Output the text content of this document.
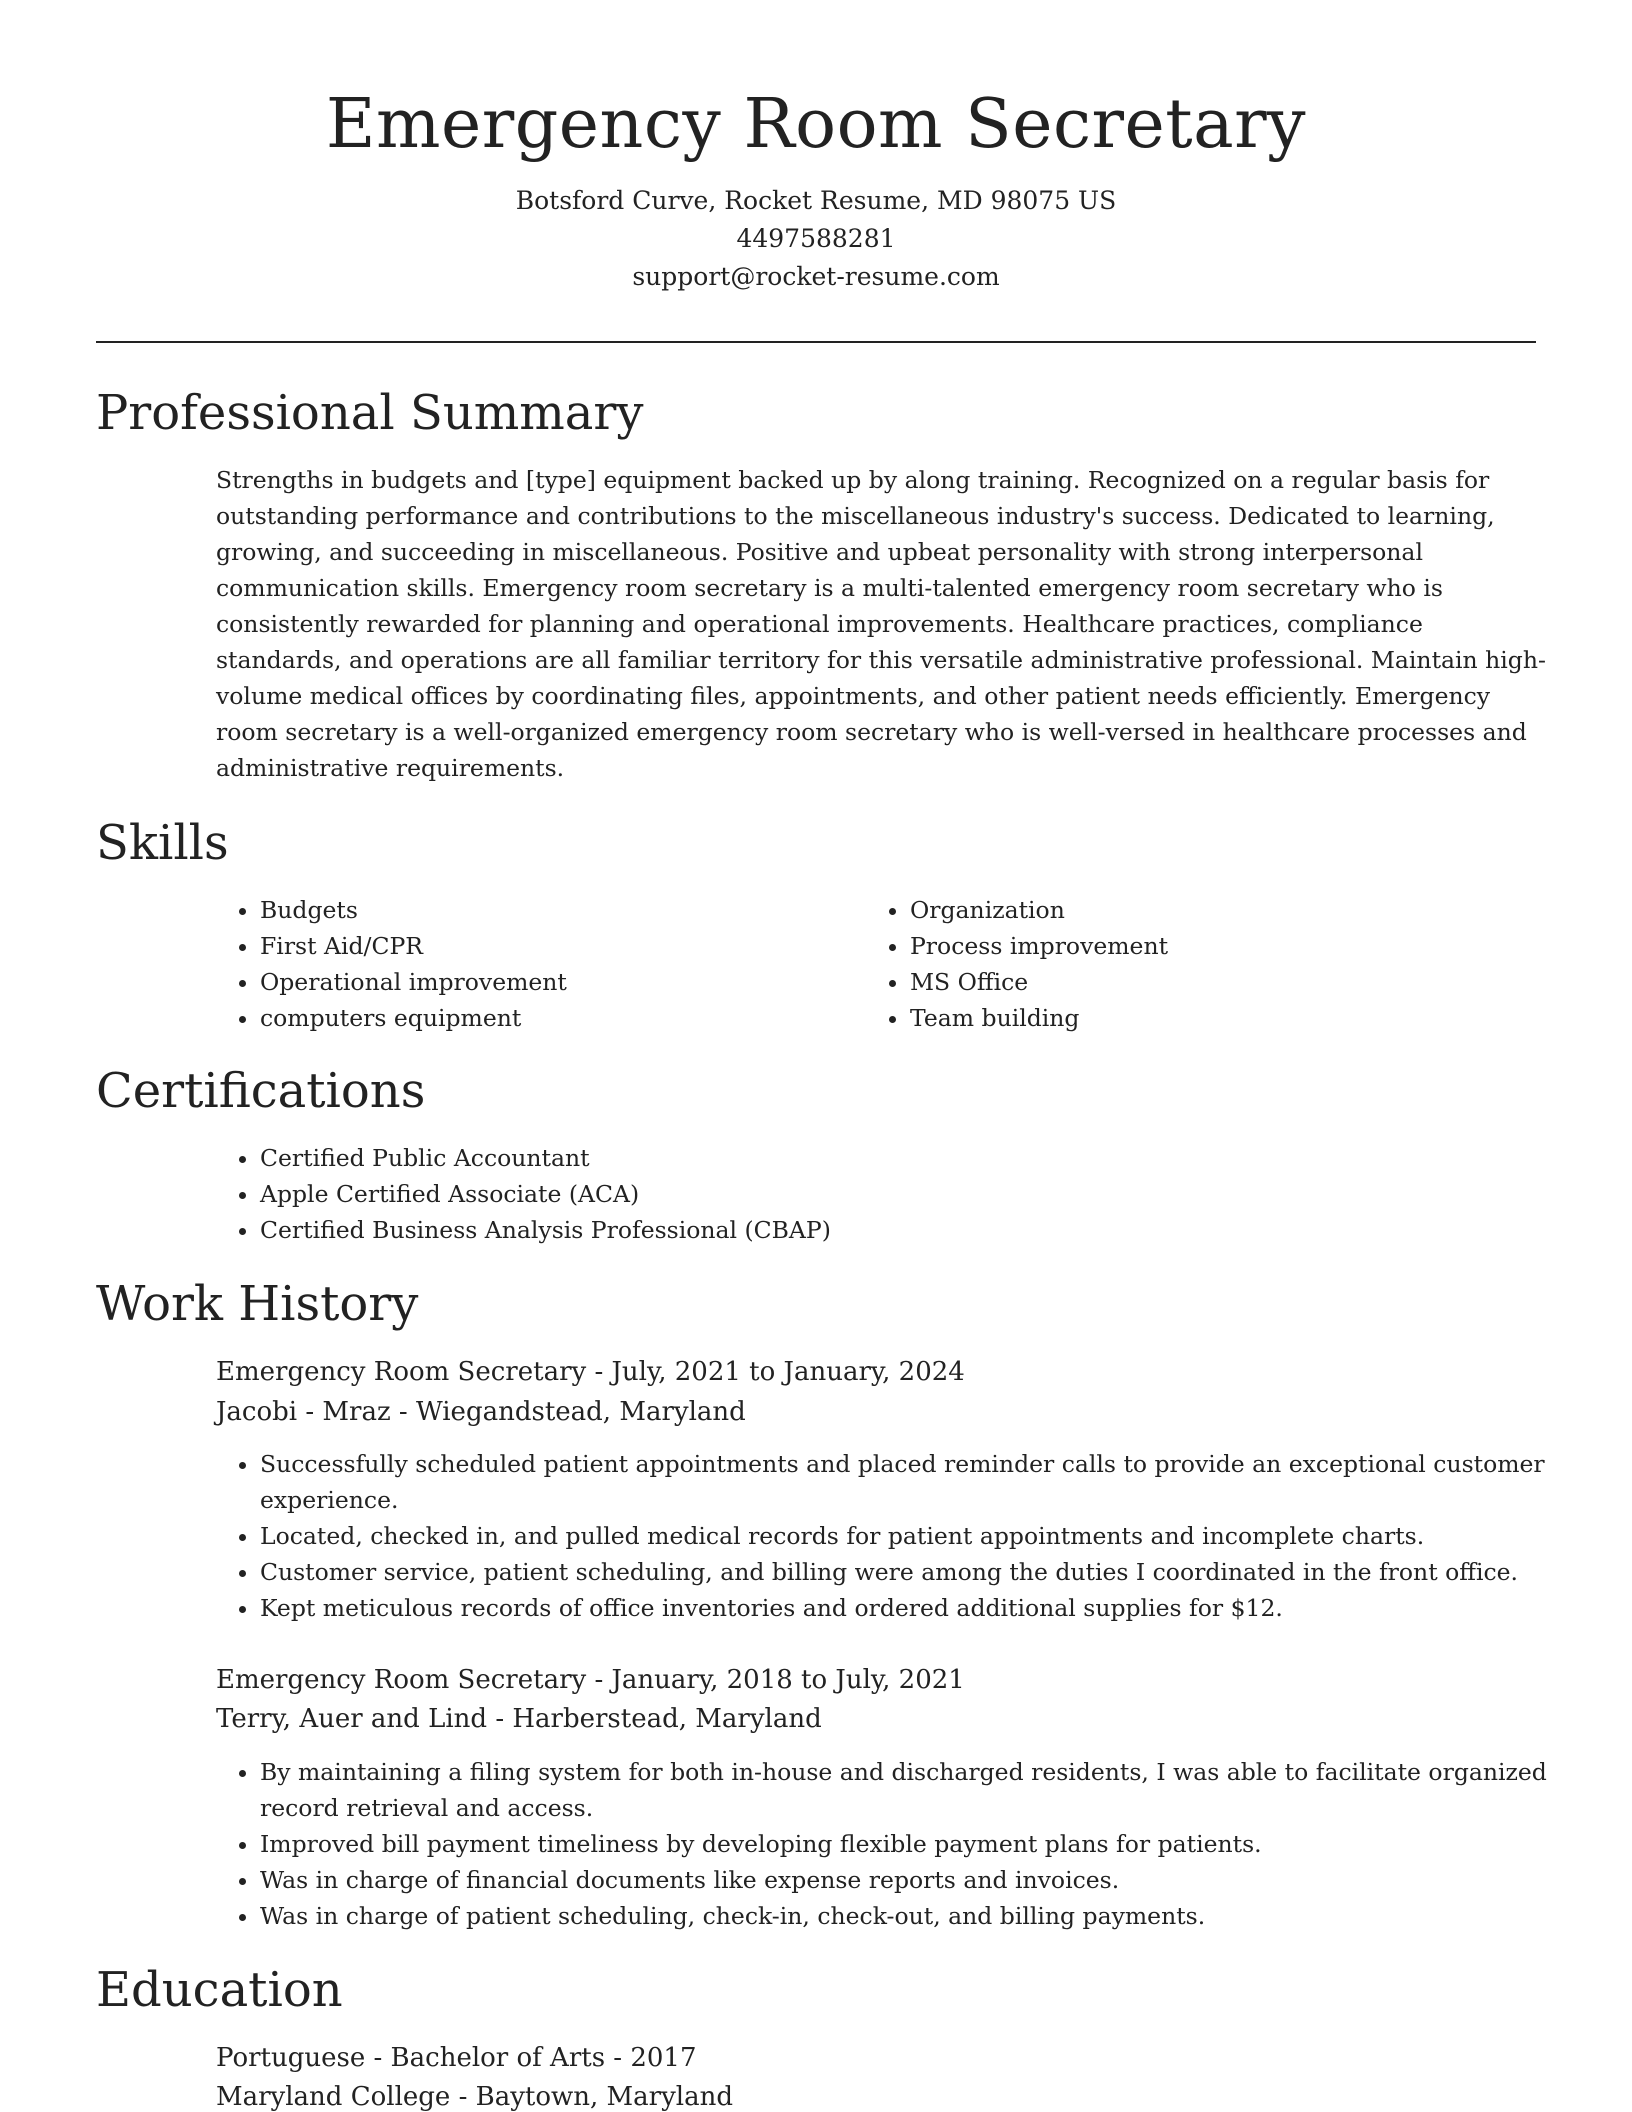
Emergency Room Secretary

Botsford Curve, Rocket Resume, MD 98075 US

4497588281

support@rocket-resume.com

Professional Summary

Strengths in budgets and [type] equipment backed up by along training. Recognized on a regular basis for outstanding performance and contributions to the miscellaneous industry's success. Dedicated to learning, growing, and succeeding in miscellaneous. Positive and upbeat personality with strong interpersonal communication skills. Emergency room secretary is a multi-talented emergency room secretary who is consistently rewarded for planning and operational improvements. Healthcare practices, compliance standards, and operations are all familiar territory for this versatile administrative professional. Maintain high-volume medical offices by coordinating files, appointments, and other patient needs efficiently. Emergency room secretary is a well-organized emergency room secretary who is well-versed in healthcare processes and administrative requirements.

Skills
• Budgets
• First Aid/CPR
• Operational improvement
• computers equipment
• Organization
• Process improvement
• MS Office
• Team building
Certifications
• Certified Public Accountant
• Apple Certified Associate (ACA)
• Certified Business Analysis Professional (CBAP)
Work History
Emergency Room Secretary - July, 2021 to January, 2024
Jacobi - Mraz - Wiegandstead, Maryland
• Successfully scheduled patient appointments and placed reminder calls to provide an exceptional customer experience.
• Located, checked in, and pulled medical records for patient appointments and incomplete charts.
• Customer service, patient scheduling, and billing were among the duties I coordinated in the front office.
• Kept meticulous records of office inventories and ordered additional supplies for $12.
Emergency Room Secretary - January, 2018 to July, 2021
Terry, Auer and Lind - Harberstead, Maryland
• By maintaining a filing system for both in-house and discharged residents, I was able to facilitate organized record retrieval and access.
• Improved bill payment timeliness by developing flexible payment plans for patients.
• Was in charge of financial documents like expense reports and invoices.
• Was in charge of patient scheduling, check-in, check-out, and billing payments.
Education
Portuguese - Bachelor of Arts - 2017
Maryland College - Baytown, Maryland
